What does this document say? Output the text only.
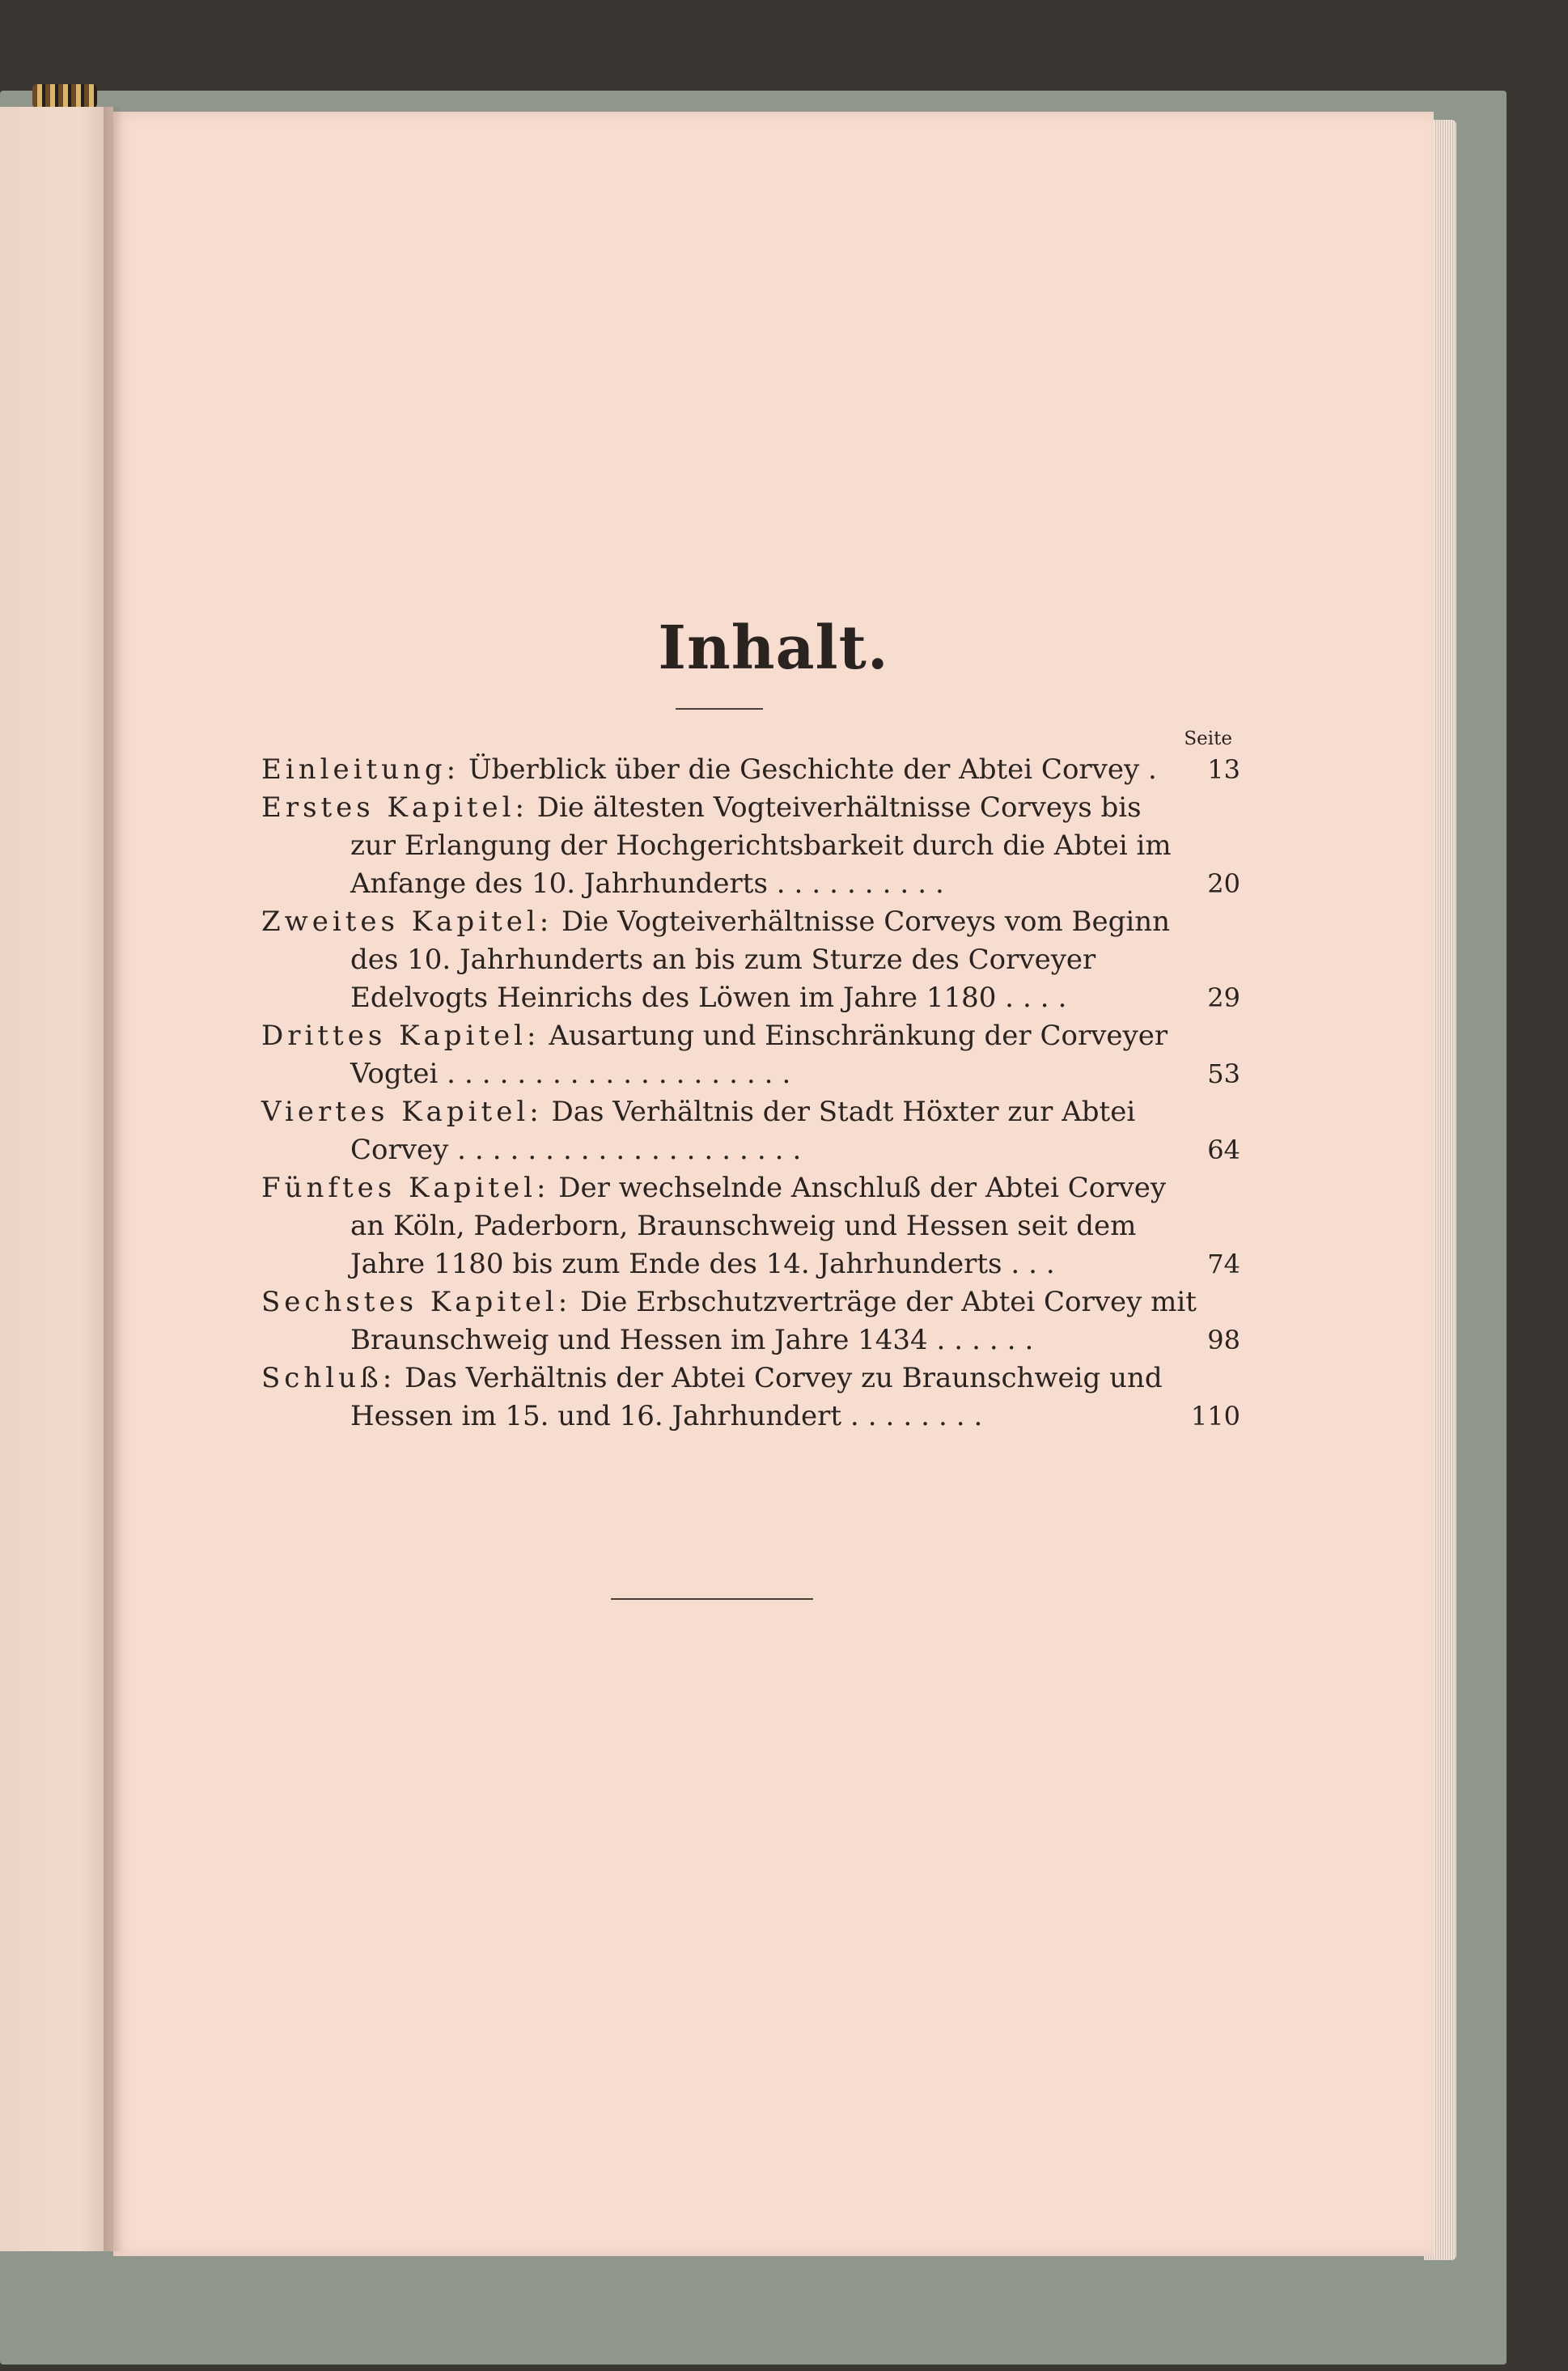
Inhalt.
Seite
Einleitung: Überblick über die Geschichte der Abtei Corvey .	13
Erstes Kapitel: Die ältesten Vogteiverhältnisse Corveys bis
zur Erlangung der Hochgerichtsbarkeit durch die Abtei im
Anfange des 10. Jahrhunderts ..........	20
Zweites Kapitel: Die Vogteiverhältnisse Corveys vom Beginn
des 10. Jahrhunderts an bis zum Sturze des Corveyer
Edelvogts Heinrichs des Löwen im Jahre 1180 ....	29
Drittes Kapitel: Ausartung und Einschränkung der Corveyer
Vogtei ....................	53
Viertes Kapitel: Das Verhältnis der Stadt Höxter zur Abtei
Corvey ....................	64
Fünftes Kapitel: Der wechselnde Anschluß der Abtei Corvey
an Köln, Paderborn, Braunschweig und Hessen seit dem
Jahre 1180 bis zum Ende des 14. Jahrhunderts ...	74
Sechstes Kapitel: Die Erbschutzverträge der Abtei Corvey mit
Braunschweig und Hessen im Jahre 1434 ......	98
Schluß: Das Verhältnis der Abtei Corvey zu Braunschweig und
Hessen im 15. und 16. Jahrhundert ........	110
